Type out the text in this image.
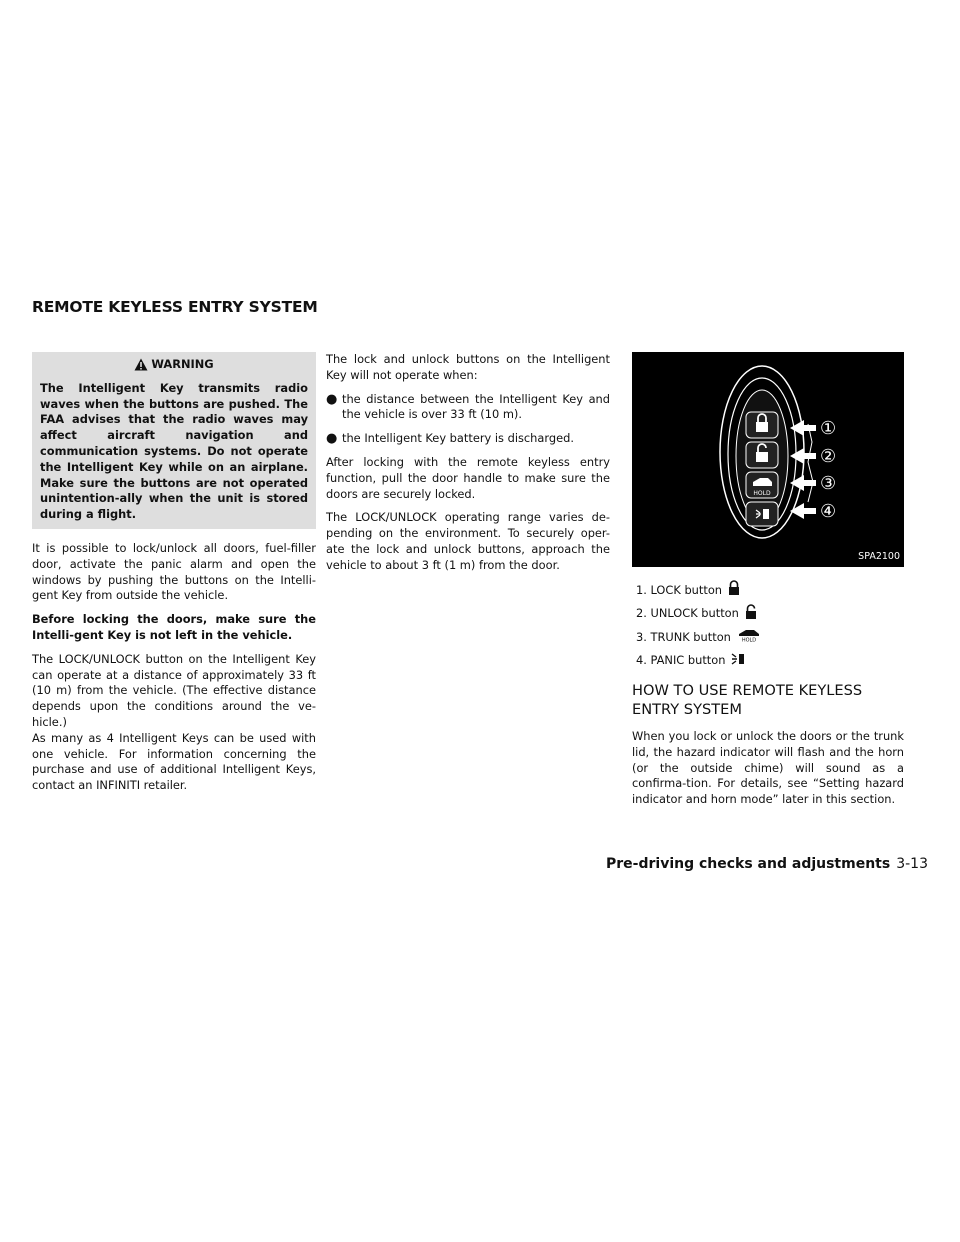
REMOTE KEYLESS ENTRY SYSTEM
WARNING
The Intelligent Key transmits radio waves when the buttons are pushed. The FAA advises that the radio waves may affect aircraft navigation and communication systems. Do not operate the Intelligent Key while on an airplane. Make sure the buttons are not operated unintention-ally when the unit is stored during a flight.

It is possible to lock/unlock all doors, fuel-filler door, activate the panic alarm and open the windows by pushing the buttons on the Intelli-gent Key from outside the vehicle.

Before locking the doors, make sure the Intelli-gent Key is not left in the vehicle.

The LOCK/UNLOCK button on the Intelligent Key can operate at a distance of approximately 33 ft (10 m) from the vehicle. (The effective distance depends upon the conditions around the ve-hicle.)

As many as 4 Intelligent Keys can be used with one vehicle. For information concerning the purchase and use of additional Intelligent Keys, contact an INFINITI retailer.

The lock and unlock buttons on the Intelligent Key will not operate when:

● the distance between the Intelligent Key and the vehicle is over 33 ft (10 m).
● the Intelligent Key battery is discharged.

After locking with the remote keyless entry function, pull the door handle to make sure the doors are securely locked.

The LOCK/UNLOCK operating range varies de-pending on the environment. To securely oper-ate the lock and unlock buttons, approach the vehicle to about 3 ft (1 m) from the door.

HOLD
①
②
③
④
SPA2100
1. LOCK button
2. UNLOCK button
3. TRUNK button HOLD
4. PANIC button
HOW TO USE REMOTE KEYLESS ENTRY SYSTEM

When you lock or unlock the doors or the trunk lid, the hazard indicator will flash and the horn (or the outside chime) will sound as a confirma-tion. For details, see “Setting hazard indicator and horn mode” later in this section.

Pre-driving checks and adjustments 3-13
